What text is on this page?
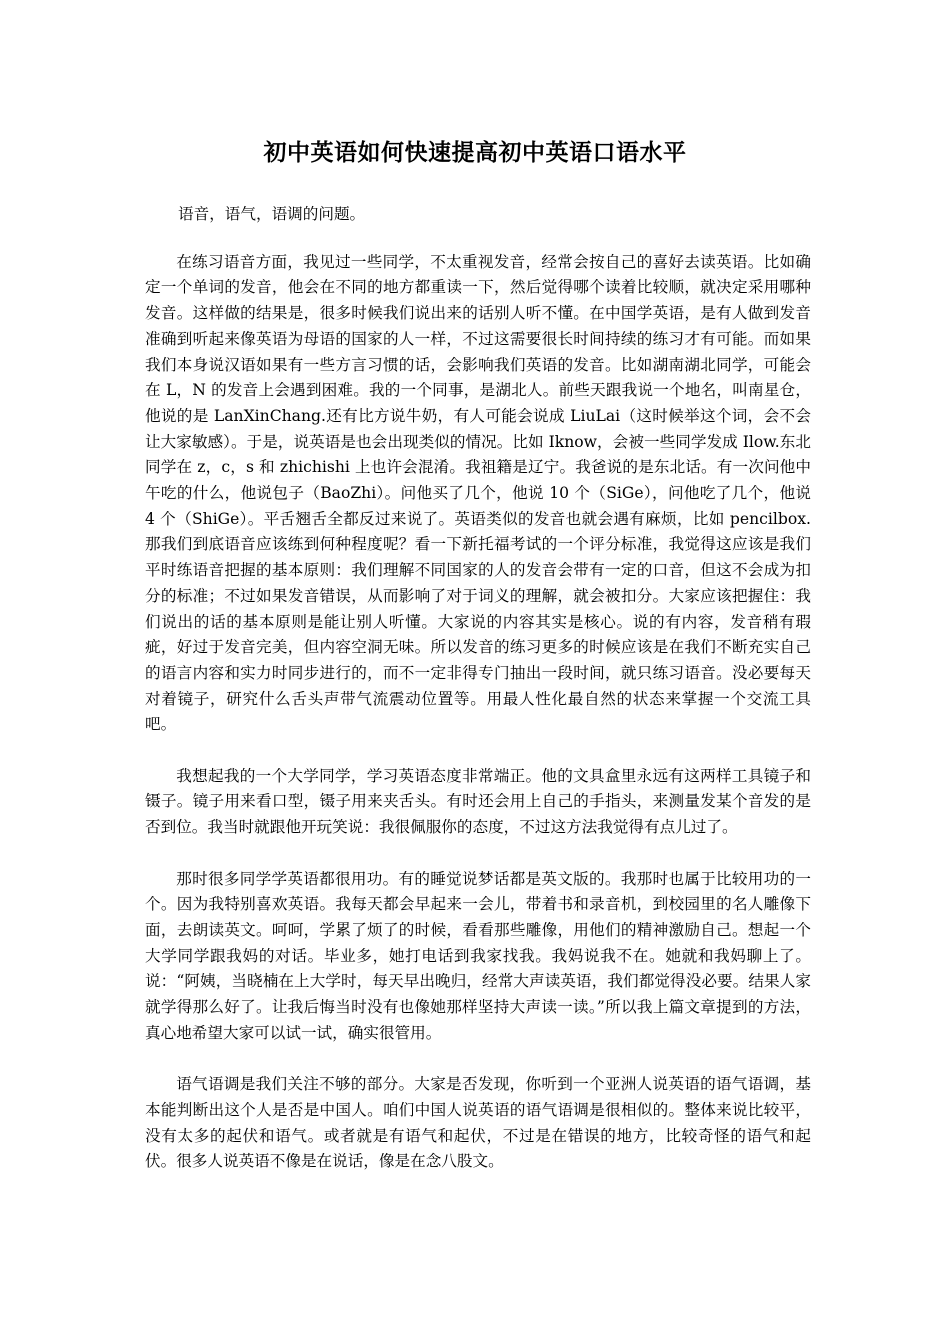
初中英语如何快速提高初中英语口语水平

语音，语气，语调的问题。

在练习语音方面，我见过一些同学，不太重视发音，经常会按自己的喜好去读英语。比如确定一个单词的发音，他会在不同的地方都重读一下，然后觉得哪个读着比较顺，就决定采用哪种发音。这样做的结果是，很多时候我们说出来的话别人听不懂。在中国学英语，是有人做到发音准确到听起来像英语为母语的国家的人一样，不过这需要很长时间持续的练习才有可能。而如果我们本身说汉语如果有一些方言习惯的话，会影响我们英语的发音。比如湖南湖北同学，可能会在 L，N 的发音上会遇到困难。我的一个同事，是湖北人。前些天跟我说一个地名，叫南星仓，他说的是 LanXinChang.还有比方说牛奶，有人可能会说成 LiuLai（这时候举这个词，会不会让大家敏感）。于是，说英语是也会出现类似的情况。比如 Iknow，会被一些同学发成 Ilow.东北同学在 z，c，s 和 zhichishi 上也许会混淆。我祖籍是辽宁。我爸说的是东北话。有一次问他中午吃的什么，他说包子（BaoZhi）。问他买了几个，他说 10 个（SiGe），问他吃了几个，他说 4 个（ShiGe）。平舌翘舌全都反过来说了。英语类似的发音也就会遇有麻烦，比如 pencilbox.那我们到底语音应该练到何种程度呢？看一下新托福考试的一个评分标准，我觉得这应该是我们平时练语音把握的基本原则：我们理解不同国家的人的发音会带有一定的口音，但这不会成为扣分的标准；不过如果发音错误，从而影响了对于词义的理解，就会被扣分。大家应该把握住：我们说出的话的基本原则是能让别人听懂。大家说的内容其实是核心。说的有内容，发音稍有瑕疵，好过于发音完美，但内容空洞无味。所以发音的练习更多的时候应该是在我们不断充实自己的语言内容和实力时同步进行的，而不一定非得专门抽出一段时间，就只练习语音。没必要每天对着镜子，研究什么舌头声带气流震动位置等。用最人性化最自然的状态来掌握一个交流工具吧。

我想起我的一个大学同学，学习英语态度非常端正。他的文具盒里永远有这两样工具镜子和镊子。镜子用来看口型，镊子用来夹舌头。有时还会用上自己的手指头，来测量发某个音发的是否到位。我当时就跟他开玩笑说：我很佩服你的态度，不过这方法我觉得有点儿过了。

那时很多同学学英语都很用功。有的睡觉说梦话都是英文版的。我那时也属于比较用功的一个。因为我特别喜欢英语。我每天都会早起来一会儿，带着书和录音机，到校园里的名人雕像下面，去朗读英文。呵呵，学累了烦了的时候，看看那些雕像，用他们的精神激励自己。想起一个大学同学跟我妈的对话。毕业多，她打电话到我家找我。我妈说我不在。她就和我妈聊上了。说：“阿姨，当晓楠在上大学时，每天早出晚归，经常大声读英语，我们都觉得没必要。结果人家就学得那么好了。让我后悔当时没有也像她那样坚持大声读一读。”所以我上篇文章提到的方法，真心地希望大家可以试一试，确实很管用。

语气语调是我们关注不够的部分。大家是否发现，你听到一个亚洲人说英语的语气语调，基本能判断出这个人是否是中国人。咱们中国人说英语的语气语调是很相似的。整体来说比较平，没有太多的起伏和语气。或者就是有语气和起伏，不过是在错误的地方，比较奇怪的语气和起伏。很多人说英语不像是在说话，像是在念八股文。
